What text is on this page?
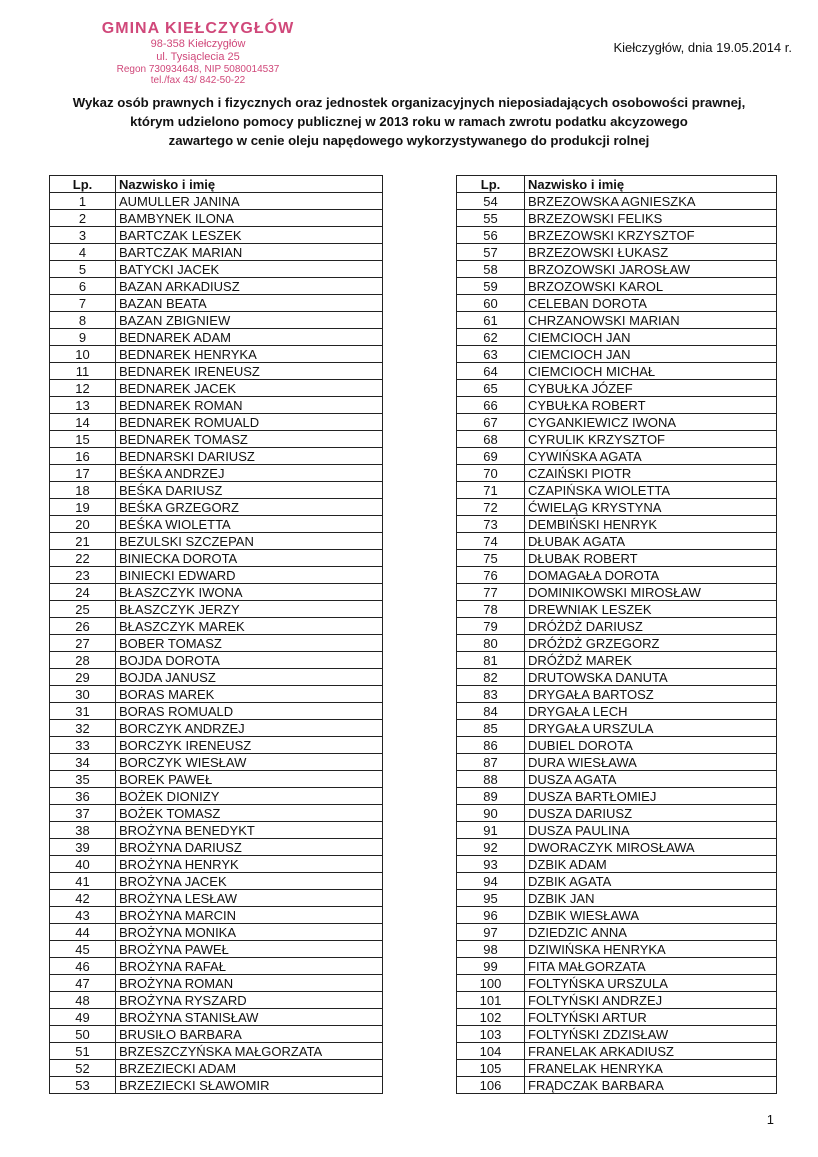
GMINA KIEŁCZYGŁÓW
98-358 Kiełczygłów
ul. Tysiąclecia 25
Regon 730934648, NIP 5080014537
tel./fax 43/ 842-50-22
Kiełczygłów, dnia 19.05.2014 r.
Wykaz osób prawnych i fizycznych oraz jednostek organizacyjnych nieposiadających osobowości prawnej,
którym udzielono pomocy publicznej w 2013 roku w ramach zwrotu podatku akcyzowego
zawartego w cenie oleju napędowego wykorzystywanego do produkcji rolnej
Lp.	Nazwisko i imię
1	AUMULLER JANINA
2	BAMBYNEK ILONA
3	BARTCZAK LESZEK
4	BARTCZAK MARIAN
5	BATYCKI JACEK
6	BAZAN ARKADIUSZ
7	BAZAN BEATA
8	BAZAN ZBIGNIEW
9	BEDNAREK ADAM
10	BEDNAREK HENRYKA
11	BEDNAREK IRENEUSZ
12	BEDNAREK JACEK
13	BEDNAREK ROMAN
14	BEDNAREK ROMUALD
15	BEDNAREK TOMASZ
16	BEDNARSKI DARIUSZ
17	BEŚKA ANDRZEJ
18	BEŚKA DARIUSZ
19	BEŚKA GRZEGORZ
20	BEŚKA WIOLETTA
21	BEZULSKI SZCZEPAN
22	BINIECKA DOROTA
23	BINIECKI EDWARD
24	BŁASZCZYK IWONA
25	BŁASZCZYK JERZY
26	BŁASZCZYK MAREK
27	BOBER TOMASZ
28	BOJDA DOROTA
29	BOJDA JANUSZ
30	BORAS MAREK
31	BORAS ROMUALD
32	BORCZYK ANDRZEJ
33	BORCZYK IRENEUSZ
34	BORCZYK WIESŁAW
35	BOREK PAWEŁ
36	BOŻEK DIONIZY
37	BOŻEK TOMASZ
38	BROŻYNA BENEDYKT
39	BROŻYNA DARIUSZ
40	BROŻYNA HENRYK
41	BROŻYNA JACEK
42	BROŻYNA LESŁAW
43	BROŻYNA MARCIN
44	BROŻYNA MONIKA
45	BROŻYNA PAWEŁ
46	BROŻYNA RAFAŁ
47	BROŻYNA ROMAN
48	BROŻYNA RYSZARD
49	BROŻYNA STANISŁAW
50	BRUSIŁO BARBARA
51	BRZESZCZYŃSKA MAŁGORZATA
52	BRZEZIECKI ADAM
53	BRZEZIECKI SŁAWOMIR
Lp.	Nazwisko i imię
54	BRZEZOWSKA AGNIESZKA
55	BRZEZOWSKI FELIKS
56	BRZEZOWSKI KRZYSZTOF
57	BRZEZOWSKI ŁUKASZ
58	BRZOZOWSKI JAROSŁAW
59	BRZOZOWSKI KAROL
60	CELEBAN DOROTA
61	CHRZANOWSKI MARIAN
62	CIEMCIOCH JAN
63	CIEMCIOCH JAN
64	CIEMCIOCH MICHAŁ
65	CYBUŁKA JÓZEF
66	CYBUŁKA ROBERT
67	CYGANKIEWICZ IWONA
68	CYRULIK KRZYSZTOF
69	CYWIŃSKA AGATA
70	CZAIŃSKI PIOTR
71	CZAPIŃSKA WIOLETTA
72	ĆWIELĄG KRYSTYNA
73	DEMBIŃSKI HENRYK
74	DŁUBAK AGATA
75	DŁUBAK ROBERT
76	DOMAGAŁA DOROTA
77	DOMINIKOWSKI MIROSŁAW
78	DREWNIAK LESZEK
79	DRÓŻDŻ DARIUSZ
80	DRÓŻDŻ GRZEGORZ
81	DRÓŻDŻ MAREK
82	DRUTOWSKA DANUTA
83	DRYGAŁA BARTOSZ
84	DRYGAŁA LECH
85	DRYGAŁA URSZULA
86	DUBIEL DOROTA
87	DURA WIESŁAWA
88	DUSZA AGATA
89	DUSZA BARTŁOMIEJ
90	DUSZA DARIUSZ
91	DUSZA PAULINA
92	DWORACZYK MIROSŁAWA
93	DZBIK ADAM
94	DZBIK AGATA
95	DZBIK JAN
96	DZBIK WIESŁAWA
97	DZIEDZIC ANNA
98	DZIWIŃSKA HENRYKA
99	FITA MAŁGORZATA
100	FOLTYŃSKA URSZULA
101	FOLTYŃSKI ANDRZEJ
102	FOLTYŃSKI ARTUR
103	FOLTYŃSKI ZDZISŁAW
104	FRANELAK ARKADIUSZ
105	FRANELAK HENRYKA
106	FRĄDCZAK BARBARA
1
